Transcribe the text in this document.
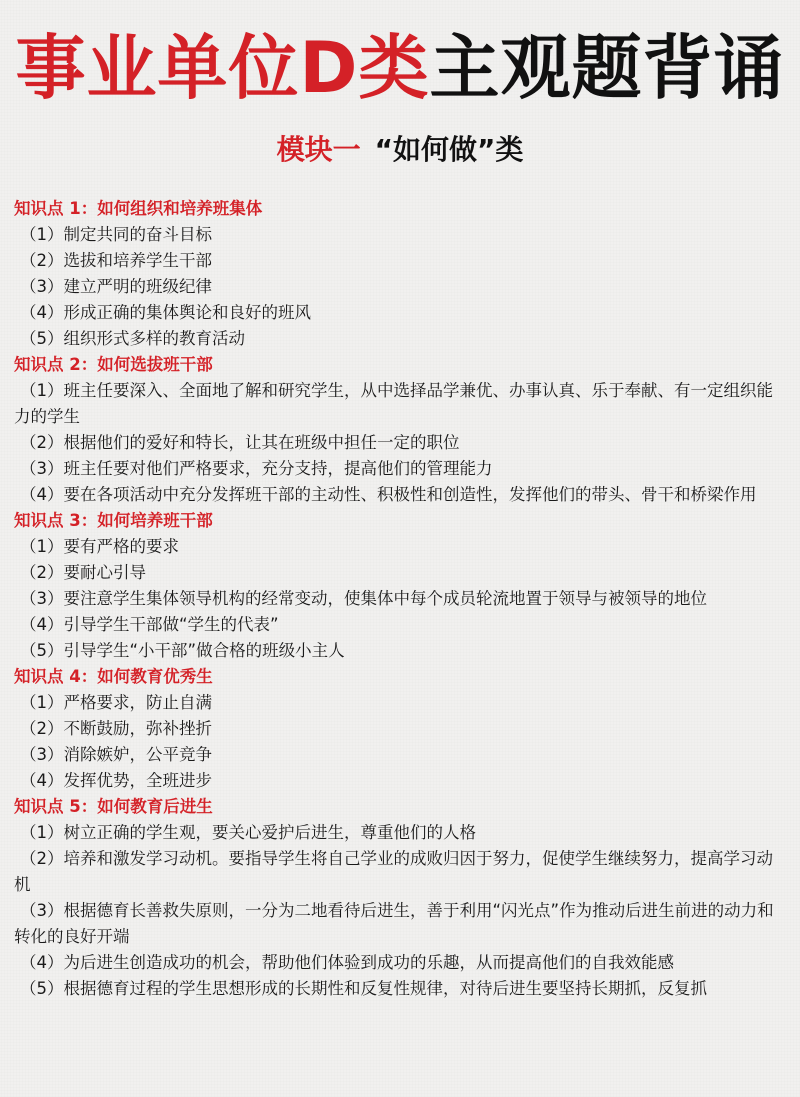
事业单位D类主观题背诵
模块一 “如何做”类
知识点 1：如何组织和培养班集体
（1）制定共同的奋斗目标
（2）选拔和培养学生干部
（3）建立严明的班级纪律
（4）形成正确的集体舆论和良好的班风
（5）组织形式多样的教育活动
知识点 2：如何选拔班干部
（1）班主任要深入、全面地了解和研究学生，从中选择品学兼优、办事认真、乐于奉献、有一定组织能力的学生
（2）根据他们的爱好和特长，让其在班级中担任一定的职位
（3）班主任要对他们严格要求，充分支持，提高他们的管理能力
（4）要在各项活动中充分发挥班干部的主动性、积极性和创造性，发挥他们的带头、骨干和桥梁作用
知识点 3：如何培养班干部
（1）要有严格的要求
（2）要耐心引导
（3）要注意学生集体领导机构的经常变动，使集体中每个成员轮流地置于领导与被领导的地位
（4）引导学生干部做“学生的代表”
（5）引导学生“小干部”做合格的班级小主人
知识点 4：如何教育优秀生
（1）严格要求，防止自满
（2）不断鼓励，弥补挫折
（3）消除嫉妒，公平竞争
（4）发挥优势，全班进步
知识点 5：如何教育后进生
（1）树立正确的学生观，要关心爱护后进生，尊重他们的人格
（2）培养和激发学习动机。要指导学生将自己学业的成败归因于努力，促使学生继续努力，提高学习动机
（3）根据德育长善救失原则，一分为二地看待后进生，善于利用“闪光点”作为推动后进生前进的动力和转化的良好开端
（4）为后进生创造成功的机会，帮助他们体验到成功的乐趣，从而提高他们的自我效能感
（5）根据德育过程的学生思想形成的长期性和反复性规律，对待后进生要坚持长期抓，反复抓
